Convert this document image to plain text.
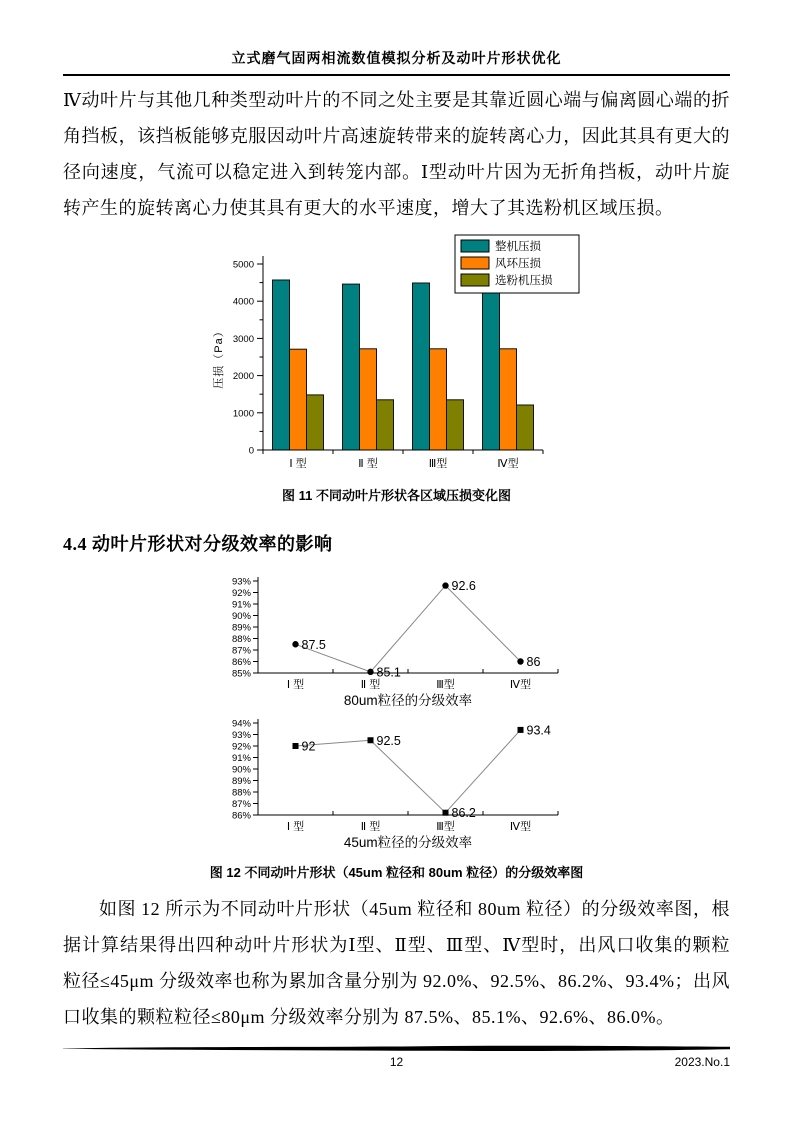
立式磨气固两相流数值模拟分析及动叶片形状优化

Ⅳ动叶片与其他几种类型动叶片的不同之处主要是其靠近圆心端与偏离圆心端的折角挡板，该挡板能够克服因动叶片高速旋转带来的旋转离心力，因此其具有更大的径向速度，气流可以稳定进入到转笼内部。Ⅰ型动叶片因为无折角挡板，动叶片旋转产生的旋转离心力使其具有更大的水平速度，增大了其选粉机区域压损。

0
1000
2000
3000
4000
5000
Ⅰ 型	Ⅱ 型	Ⅲ型	Ⅳ型
压损（Pa）
整机压损
风环压损
选粉机压损
图 11 不同动叶片形状各区域压损变化图
4.4 动叶片形状对分级效率的影响
85%
86%
87%
88%
89%
90%
91%
92%
93%
87.5
85.1
92.6
86
Ⅰ 型	Ⅱ 型	Ⅲ型	Ⅳ型
80um粒径的分级效率

86%
87%
88%
89%
90%
91%
92%
93%
94%
92	92.5
86.2
93.4
Ⅰ 型	Ⅱ 型	Ⅲ型	Ⅳ型
45um粒径的分级效率
图 12 不同动叶片形状（45um 粒径和 80um 粒径）的分级效率图

如图 12 所示为不同动叶片形状（45um 粒径和 80um 粒径）的分级效率图，根据计算结果得出四种动叶片形状为Ⅰ型、Ⅱ型、Ⅲ型、Ⅳ型时，出风口收集的颗粒粒径≤45μm 分级效率也称为累加含量分别为 92.0%、92.5%、86.2%、93.4%；出风口收集的颗粒粒径≤80μm 分级效率分别为 87.5%、85.1%、92.6%、86.0%。

12	2023.No.1
